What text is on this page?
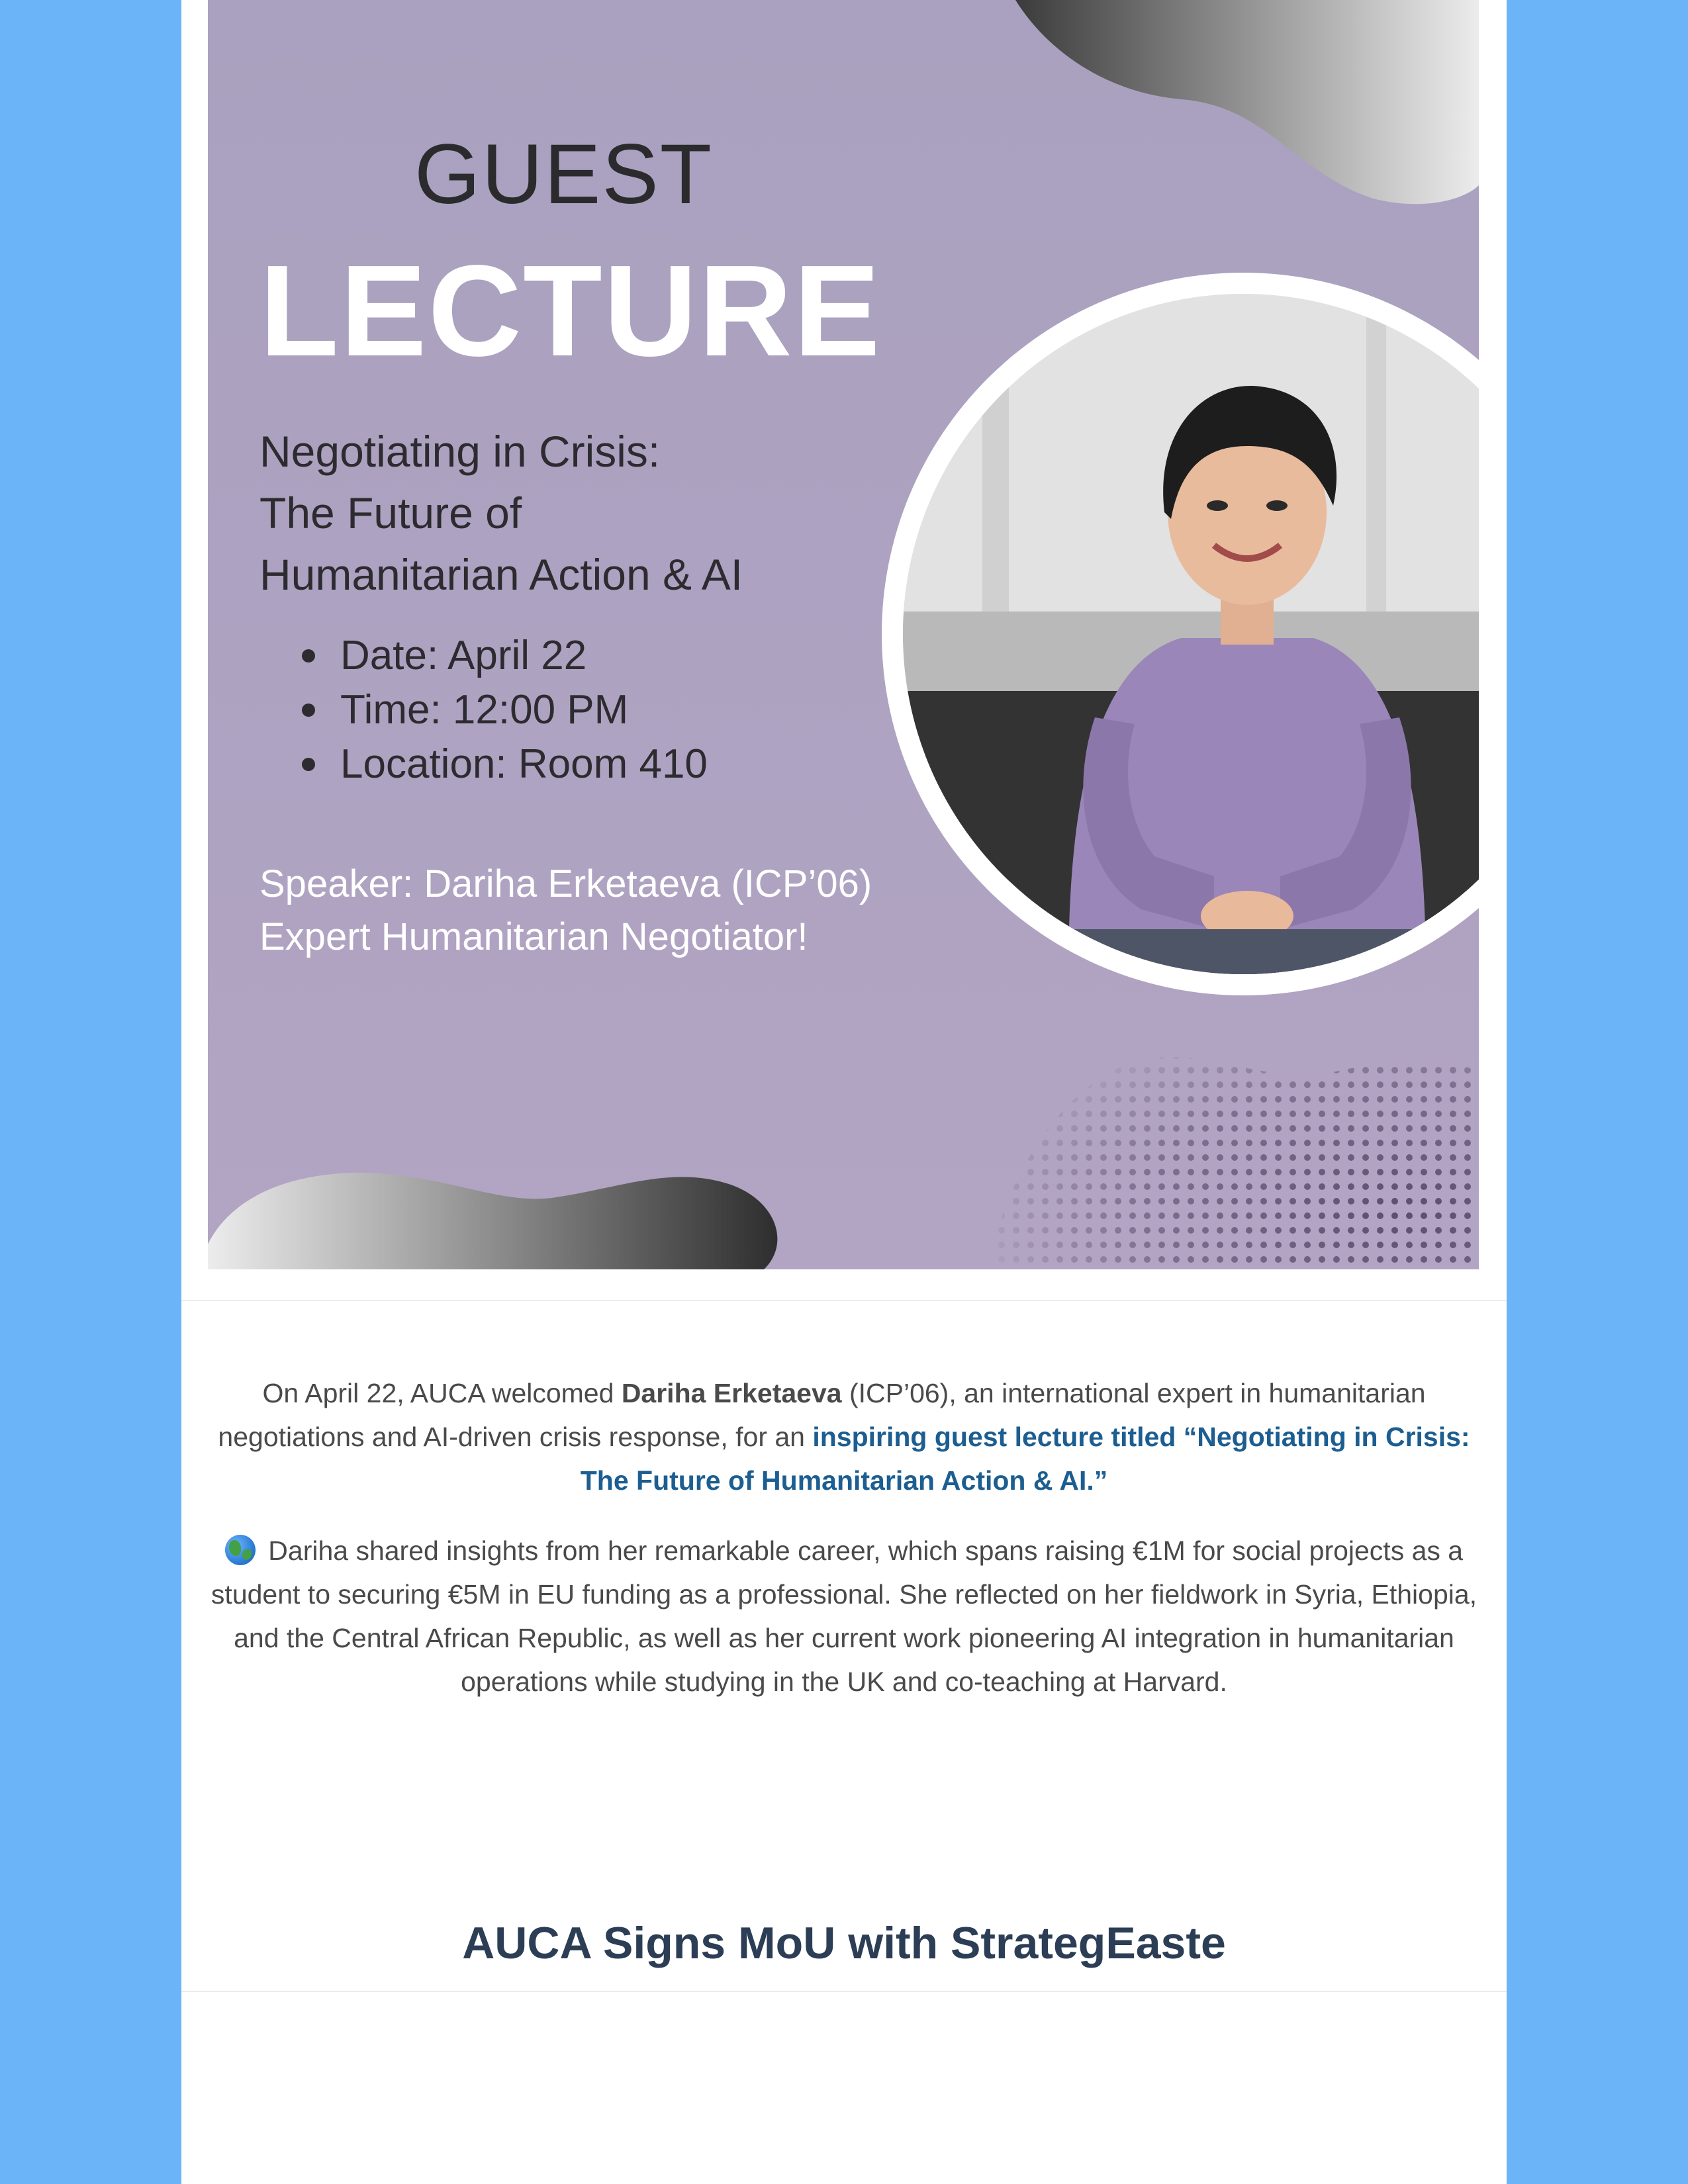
GUEST
LECTURE
Negotiating in Crisis:
The Future of
Humanitarian Action & AI
Date: April 22
Time: 12:00 PM
Location: Room 410
Speaker: Dariha Erketaeva (ICP’06)
Expert Humanitarian Negotiator!

On April 22, AUCA welcomed Dariha Erketaeva (ICP’06), an international expert in humanitarian negotiations and AI-driven crisis response, for an inspiring guest lecture titled “Negotiating in Crisis: The Future of Humanitarian Action & AI.”

Dariha shared insights from her remarkable career, which spans raising €1M for social projects as a student to securing €5M in EU funding as a professional. She reflected on her fieldwork in Syria, Ethiopia, and the Central African Republic, as well as her current work pioneering AI integration in humanitarian operations while studying in the UK and co-teaching at Harvard.

AUCA Signs MoU with StrategEaste
